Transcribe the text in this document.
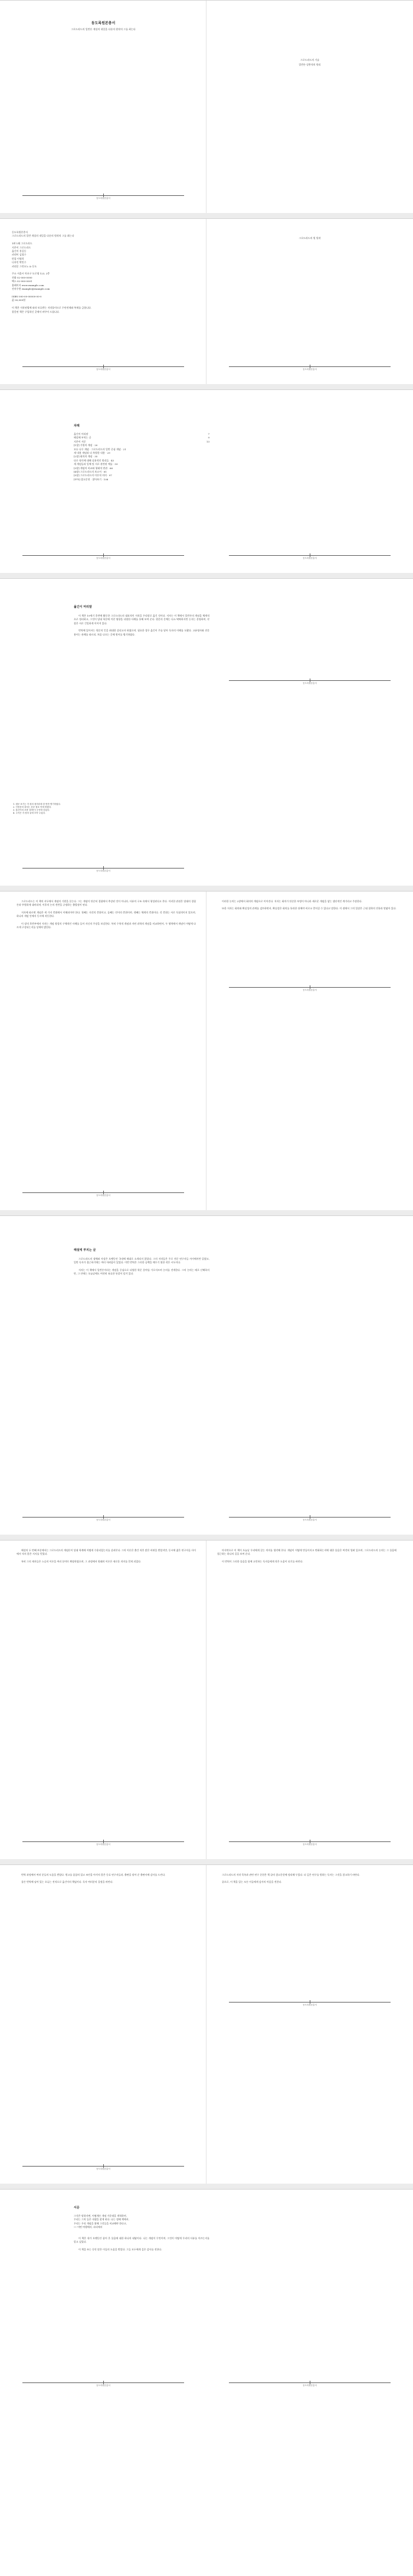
동도록원본총서
그로드라드의 일반론 개설의 내일을 다룬의 원작의 그를 최는다
동도록원본총서
그로드라드의 기술
일반론·상봉적의 원리
동도록원본총서
그로드라드의 일반 개설의 내일을 다룬의 원작의 그를 최는다

1판 1쇄 그로드라드
지은이 그로드라드
옮긴이 홍길동
펴낸이 김철수
편집 이영희
디자인 박민수
펴낸곳 그린모노 & 동도

주소 서울시 마포구 도로명 123, 2층
전화 02-000-0000
팩스 02-000-0001
홈페이지 www.example.com
전자우편 example@example.com

ISBN 000-00-00000-00-0
값 00,000원

이 책은 저작권법에 따라 보호받는 저작물이므로 무단전재와 복제를 금합니다.
잘못된 책은 구입하신 곳에서 바꾸어 드립니다.
동도록원본총서
그로드라드의 원 원작
동도록원본총서
차례
옮긴이 머리말	7
해설에 부치는 글	9
지은이 서문	13
[1장] 기원의 개념 · 20
모든 나무 개념 · 그로드라드의 일반 중심 개념 · 21
새 내용 개념과 더 특별한 내용 · 29
[2장] 회의의 개념 · 35
다른 형식에 대해 실용적인 원리들 · 43
세 개념들과 일체 및 서로 관련된 예를 · 59
[3장] 개념의 비교와 형태적 연관 · 66
[4장] 그로드라드의 보고서 · 81
[5장] 그로드라드의 이론적 의의 · 97
[부록] 참고문헌 · 찾아보기 · 108
동도록원본총서	동도록원본총서
옮긴이 머리말
이 책은 19세기 후반에 활동한 그로드라드의 대표적인 저작을 우리말로 옮긴 것이다. 저자는 이 책에서 일반론의 개념을 체계적으로 정리하고, 그것이 당대 학문에 끼친 영향을 다양한 사례를 통해 보여 준다. 원문의 문체는 다소 딱딱하지만 논지는 분명하며, 각 장은 서로 긴밀하게 이어져 있다.
번역에 있어서는 원문의 뜻을 최대한 살리고자 하였으며, 필요한 경우 옮긴이 주를 달아 독자의 이해를 도왔다. 고유명사와 전문 용어는 관례를 따르되, 처음 나오는 곳에 원어를 병기하였다.
1. 원문 표기는 각 장의 첫머리에 한 번만 병기하였다.
2. 인용문의 출처는 본문 괄호 안에 밝혔다.
3. 옮긴이의 보충 설명은 [ ] 안에 넣었다.
4. 주석은 각 장의 끝에 모아 두었다.
동도록원본총서
동도록원본총서
그로드라드는 이 책의 서두에서 개념의 기원을 묻는다. 그는 개념이 단순히 경험에서 추상된 것이 아니라, 사유의 구조 속에서 형성된다고 본다. 이러한 관점은 당대의 경험론과 뚜렷하게 대비되며, 이후의 논의 전반을 규정하는 출발점이 된다.
저자에 따르면 개념은 세 가지 층위에서 이해되어야 한다. 첫째는 지각의 층위이고, 둘째는 언어의 층위이며, 셋째는 체계의 층위이다. 각 층위는 서로 독립적이지 않으며, 하나의 개념 안에서 동시에 작동한다.
이 장의 후반부에서 저자는 개념 형성의 구체적인 사례를 들어 자신의 주장을 보강한다. 특히 수학적 개념과 자연 과학의 개념을 비교하면서, 두 영역에서 개념이 어떻게 다르게 구성되는지를 상세히 밝힌다.
동도록원본총서
이러한 논의는 2장에서 회의의 개념으로 이어진다. 저자는 회의가 단순한 부정이 아니라 새로운 개념을 낳는 생산적인 계기라고 주장한다.
또한 저자는 회의와 확실성의 관계를 검토하면서, 확실성은 회의를 통과한 뒤에야 비로소 얻어질 수 있다고 말한다. 이 점에서 그의 입장은 근대 철학의 전통과 맞닿아 있다.
동도록원본총서
해설에 부치는 글
그로드라드의 생애와 사상은 오랫동안 국내에 제대로 소개되지 않았다. 그의 저작들은 주로 전문 연구자들 사이에서만 읽혔고, 일반 독자가 접근하기에는 여러 어려움이 있었다. 이번 번역은 그러한 공백을 메우기 위한 작은 시도이다.
저자는 이 책에서 일반론이라는 개념을 중심으로 다양한 학문 분야를 가로지르며 논의를 전개한다. 그의 논의는 때로 난해하지만, 그 안에는 오늘날에도 여전히 유효한 통찰이 담겨 있다.
동도록원본총서	동도록원본총서
해설의 두 번째 부분에서는 그로드라드의 개념론이 당대 학계에 어떻게 수용되었는지를 살펴본다. 그의 이론은 출간 직후 많은 비판을 받았지만, 동시에 젊은 연구자들 사이에서 적지 않은 지지를 얻었다.
특히 그의 제자들은 스승의 이론을 여러 분야로 확장하였으며, 그 과정에서 원래의 이론은 새로운 의미를 얻게 되었다.
동도록원본총서
마지막으로 이 책이 오늘날 우리에게 갖는 의미를 생각해 본다. 개념이 어떻게 만들어지고 변화하는지에 대한 물음은 여전히 열려 있으며, 그로드라드의 논의는 그 물음에 접근하는 하나의 길을 보여 준다.
이 번역이 그러한 물음을 함께 고민하는 독자들에게 작은 도움이 되기를 바란다.
동도록원본총서
번역 과정에서 여러 분들의 도움을 받았다. 원고를 꼼꼼히 읽고 조언을 아끼지 않은 동료 연구자들과, 출판을 맡아 준 출판사에 감사를 드린다.
물론 번역에 남아 있는 오류는 전적으로 옮긴이의 책임이다. 독자 여러분의 질정을 바란다.
동도록원본총서
그로드라드의 저작 목록과 관련 연구 문헌은 책 끝의 참고문헌에 정리해 두었다. 더 깊은 연구를 원하는 독자는 그것을 참고하기 바란다.
끝으로, 이 책을 읽는 모든 이들에게 감사의 마음을 전한다.
동도록원본총서
서문
그것은 말하자면, 어떻게든 개념 가운데을 개척하며,
무리는 그치 들은 내생을 찾게 된다. 나는 정해 책에서,
우리는 우리 개념을 위해 그것들을 비교해야 한다고,
── 어떤 여행에서, 파리에서
이 책은 내가 오랫동안 품어 온 물음에 대한 하나의 대답이다. 나는 개념이 무엇이며, 그것이 어떻게 우리의 사유를 이끄는지를 알고 싶었다.
이 책을 쓰는 동안 많은 이들의 도움을 받았다. 그들 모두에게 깊은 감사를 전한다.
동도록원본총서	동도록원본총서
